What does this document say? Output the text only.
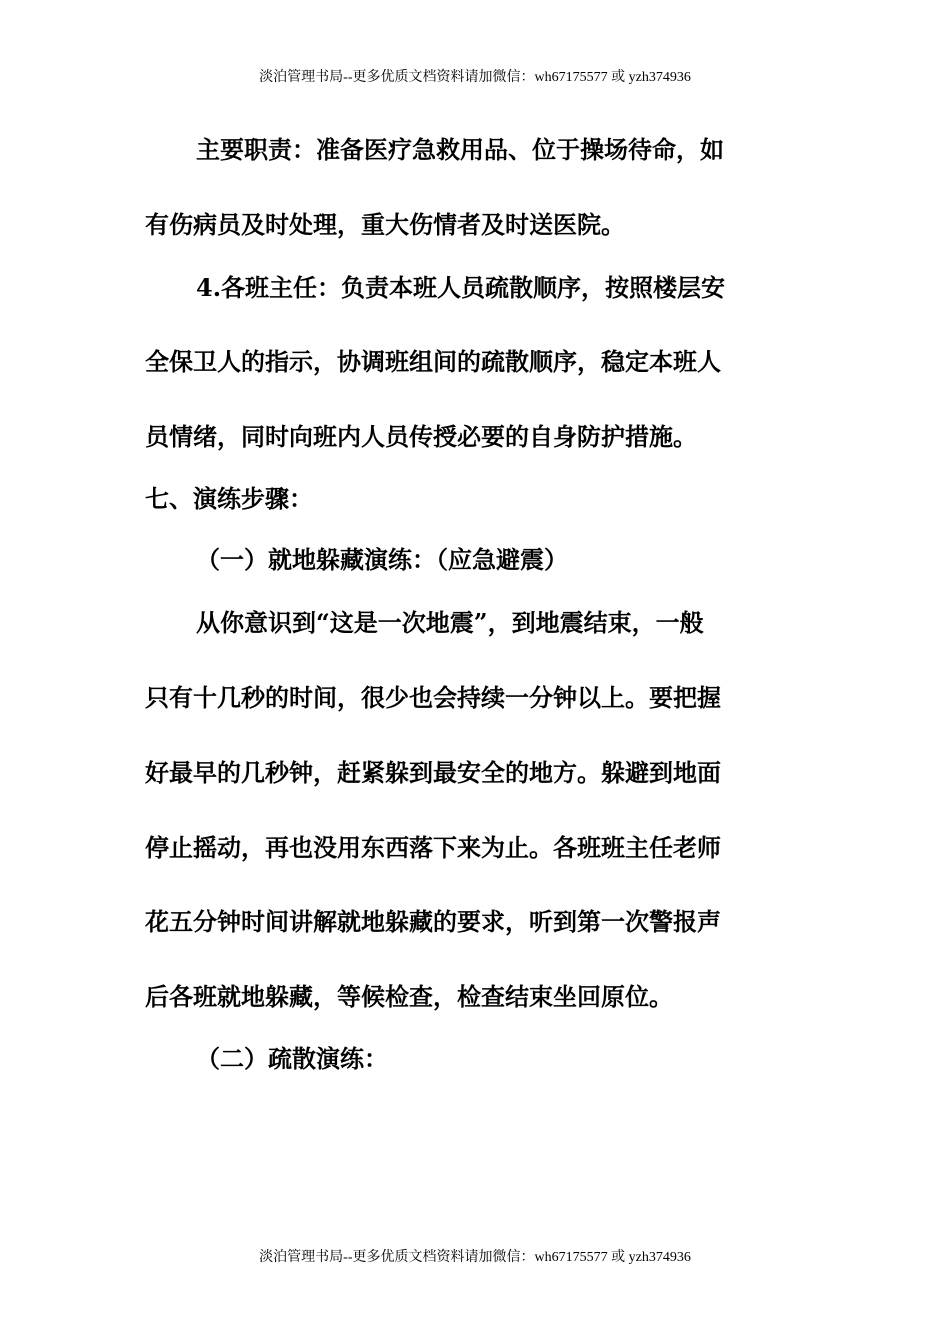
淡泊管理书局--更多优质文档资料请加微信：wh67175577 或 yzh374936
主要职责：准备医疗急救用品、位于操场待命，如
有伤病员及时处理，重大伤情者及时送医院。
4.各班主任：负责本班人员疏散顺序，按照楼层安
全保卫人的指示，协调班组间的疏散顺序，稳定本班人
员情绪，同时向班内人员传授必要的自身防护措施。
七、演练步骤：
（一）就地躲藏演练：（应急避震）
从你意识到“这是一次地震”，到地震结束，一般
只有十几秒的时间，很少也会持续一分钟以上。要把握
好最早的几秒钟，赶紧躲到最安全的地方。躲避到地面
停止摇动，再也没用东西落下来为止。各班班主任老师
花五分钟时间讲解就地躲藏的要求，听到第一次警报声
后各班就地躲藏，等候检查，检查结束坐回原位。
（二）疏散演练：
淡泊管理书局--更多优质文档资料请加微信：wh67175577 或 yzh374936
